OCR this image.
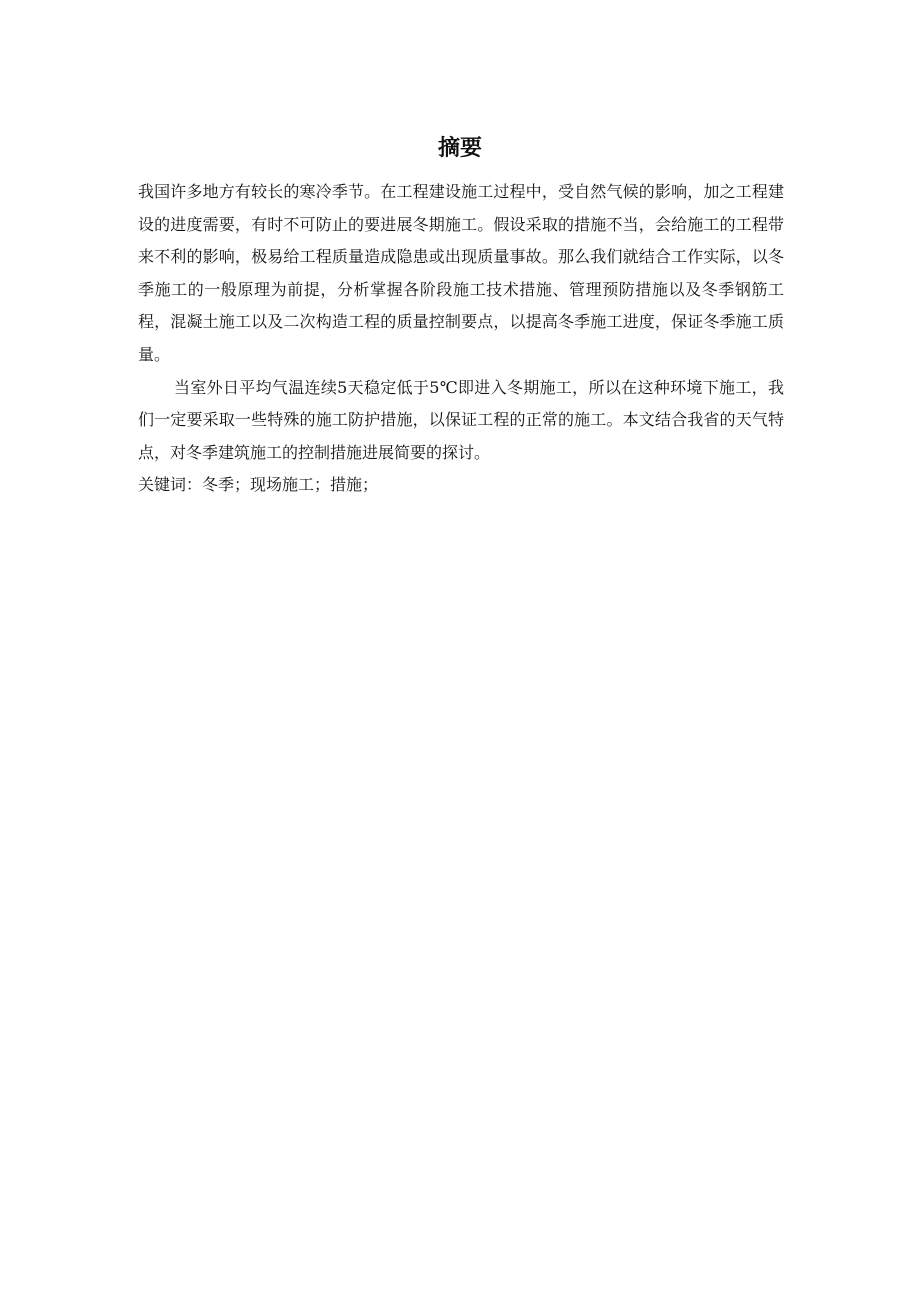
摘要

我国许多地方有较长的寒冷季节。在工程建设施工过程中，受自然气候的影响，加之工程建设的进度需要，有时不可防止的要进展冬期施工。假设采取的措施不当，会给施工的工程带来不利的影响，极易给工程质量造成隐患或出现质量事故。那么我们就结合工作实际，以冬季施工的一般原理为前提，分析掌握各阶段施工技术措施、管理预防措施以及冬季钢筋工程，混凝土施工以及二次构造工程的质量控制要点，以提高冬季施工进度，保证冬季施工质量。

当室外日平均气温连续5天稳定低于5℃即进入冬期施工，所以在这种环境下施工，我们一定要采取一些特殊的施工防护措施，以保证工程的正常的施工。本文结合我省的天气特点，对冬季建筑施工的控制措施进展简要的探讨。

关键词：冬季；现场施工；措施；
